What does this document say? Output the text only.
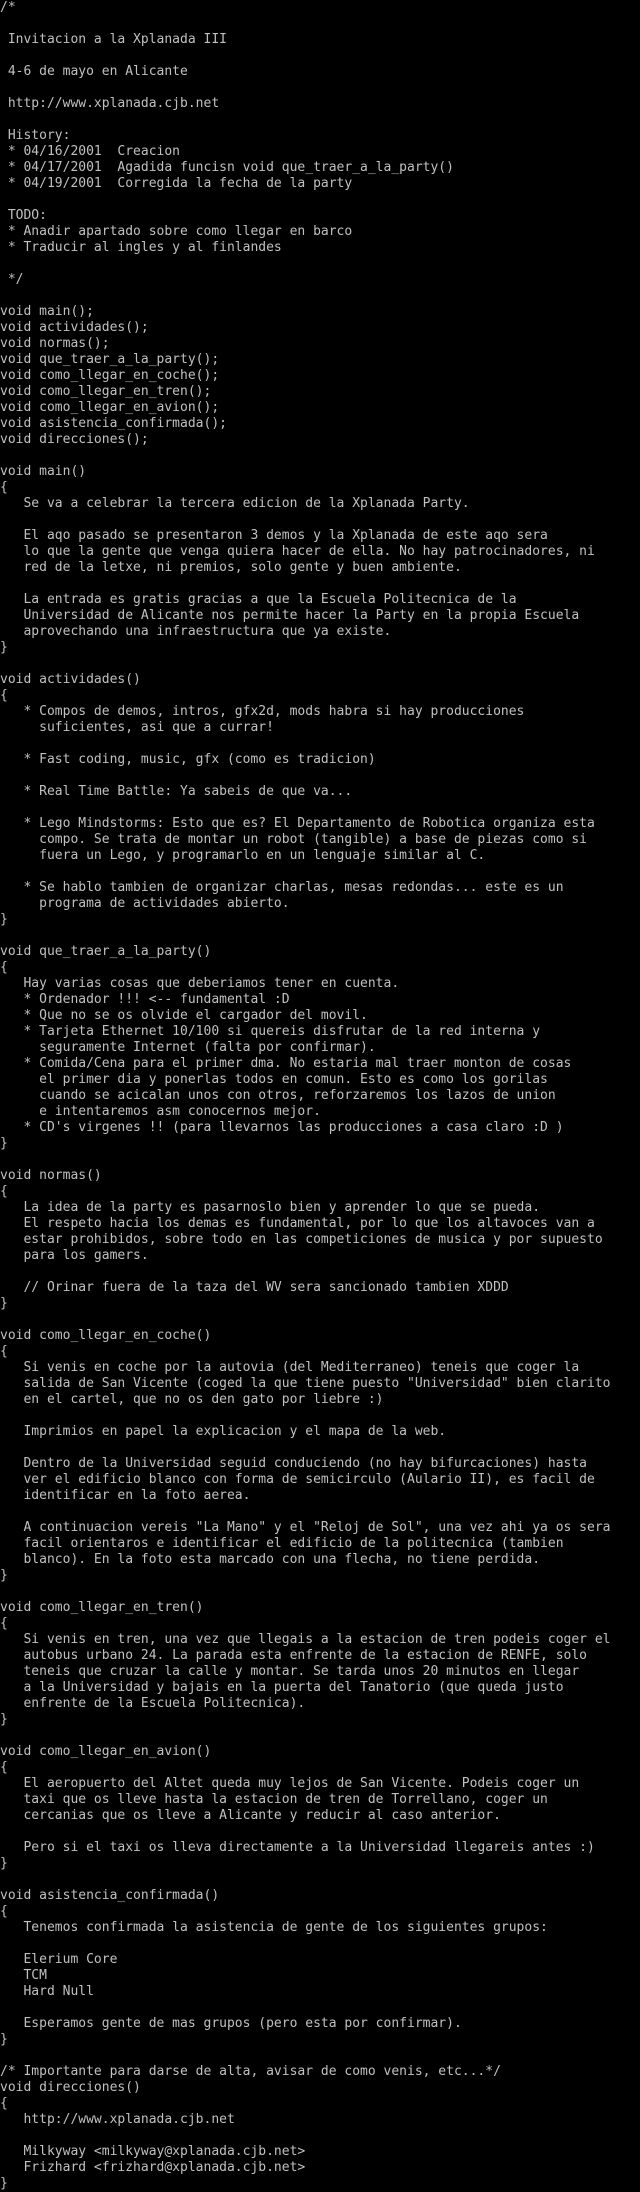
/*
Invitacion a la Xplanada III
4-6 de mayo en Alicante
http://www.xplanada.cjb.net
History:
* 04/16/2001  Creacion
* 04/17/2001  Agadida funcisn void que_traer_a_la_party()
* 04/19/2001  Corregida la fecha de la party
TODO:
* Anadir apartado sobre como llegar en barco
* Traducir al ingles y al finlandes
*/
void main();
void actividades();
void normas();
void que_traer_a_la_party();
void como_llegar_en_coche();
void como_llegar_en_tren();
void como_llegar_en_avion();
void asistencia_confirmada();
void direcciones();
void main()
{
Se va a celebrar la tercera edicion de la Xplanada Party.
El aqo pasado se presentaron 3 demos y la Xplanada de este aqo sera
lo que la gente que venga quiera hacer de ella. No hay patrocinadores, ni
red de la letxe, ni premios, solo gente y buen ambiente.
La entrada es gratis gracias a que la Escuela Politecnica de la
Universidad de Alicante nos permite hacer la Party en la propia Escuela
aprovechando una infraestructura que ya existe.
}
void actividades()
{
* Compos de demos, intros, gfx2d, mods habra si hay producciones
suficientes, asi que a currar!
* Fast coding, music, gfx (como es tradicion)
* Real Time Battle: Ya sabeis de que va...
* Lego Mindstorms: Esto que es? El Departamento de Robotica organiza esta
compo. Se trata de montar un robot (tangible) a base de piezas como si
fuera un Lego, y programarlo en un lenguaje similar al C.
* Se hablo tambien de organizar charlas, mesas redondas... este es un
programa de actividades abierto.
}
void que_traer_a_la_party()
{
Hay varias cosas que deberiamos tener en cuenta.
* Ordenador !!! <-- fundamental :D
* Que no se os olvide el cargador del movil.
* Tarjeta Ethernet 10/100 si quereis disfrutar de la red interna y
seguramente Internet (falta por confirmar).
* Comida/Cena para el primer dma. No estaria mal traer monton de cosas
el primer dia y ponerlas todos en comun. Esto es como los gorilas
cuando se acicalan unos con otros, reforzaremos los lazos de union
e intentaremos asm conocernos mejor.
* CD's virgenes !! (para llevarnos las producciones a casa claro :D )
}
void normas()
{
La idea de la party es pasarnoslo bien y aprender lo que se pueda.
El respeto hacia los demas es fundamental, por lo que los altavoces van a
estar prohibidos, sobre todo en las competiciones de musica y por supuesto
para los gamers.
// Orinar fuera de la taza del WV sera sancionado tambien XDDD
}
void como_llegar_en_coche()
{
Si venis en coche por la autovia (del Mediterraneo) teneis que coger la
salida de San Vicente (coged la que tiene puesto "Universidad" bien clarito
en el cartel, que no os den gato por liebre :)
Imprimios en papel la explicacion y el mapa de la web.
Dentro de la Universidad seguid conduciendo (no hay bifurcaciones) hasta
ver el edificio blanco con forma de semicirculo (Aulario II), es facil de
identificar en la foto aerea.
A continuacion vereis "La Mano" y el "Reloj de Sol", una vez ahi ya os sera
facil orientaros e identificar el edificio de la politecnica (tambien
blanco). En la foto esta marcado con una flecha, no tiene perdida.
}
void como_llegar_en_tren()
{
Si venis en tren, una vez que llegais a la estacion de tren podeis coger el
autobus urbano 24. La parada esta enfrente de la estacion de RENFE, solo
teneis que cruzar la calle y montar. Se tarda unos 20 minutos en llegar
a la Universidad y bajais en la puerta del Tanatorio (que queda justo
enfrente de la Escuela Politecnica).
}
void como_llegar_en_avion()
{
El aeropuerto del Altet queda muy lejos de San Vicente. Podeis coger un
taxi que os lleve hasta la estacion de tren de Torrellano, coger un
cercanias que os lleve a Alicante y reducir al caso anterior.
Pero si el taxi os lleva directamente a la Universidad llegareis antes :)
}
void asistencia_confirmada()
{
Tenemos confirmada la asistencia de gente de los siguientes grupos:
Elerium Core
TCM
Hard Null
Esperamos gente de mas grupos (pero esta por confirmar).
}
/* Importante para darse de alta, avisar de como venis, etc...*/
void direcciones()
{
http://www.xplanada.cjb.net
Milkyway <milkyway@xplanada.cjb.net>
Frizhard <frizhard@xplanada.cjb.net>
}
